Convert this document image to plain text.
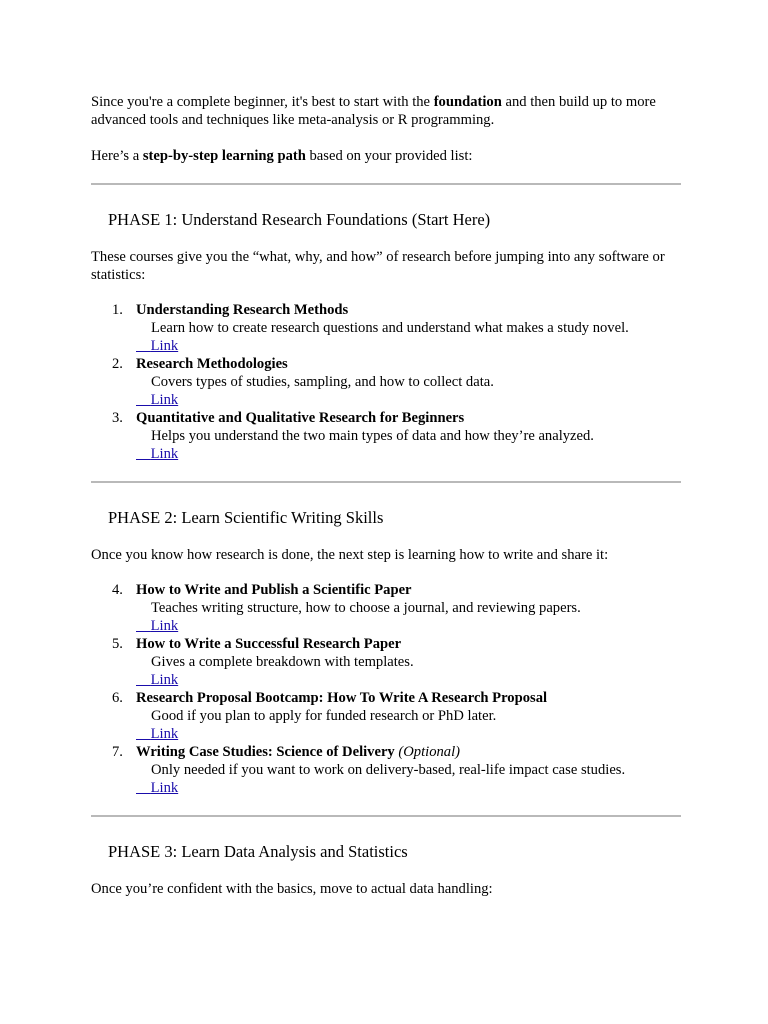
Since you're a complete beginner, it's best to start with the foundation and then build up to more advanced tools and techniques like meta-analysis or R programming.

Here’s a step-by-step learning path based on your provided list:

PHASE 1: Understand Research Foundations (Start Here)

These courses give you the “what, why, and how” of research before jumping into any software or statistics:

1. Understanding Research Methods
Learn how to create research questions and understand what makes a study novel.
Link
2. Research Methodologies
Covers types of studies, sampling, and how to collect data.
Link
3. Quantitative and Qualitative Research for Beginners
Helps you understand the two main types of data and how they’re analyzed.
Link
PHASE 2: Learn Scientific Writing Skills

Once you know how research is done, the next step is learning how to write and share it:

4. How to Write and Publish a Scientific Paper
Teaches writing structure, how to choose a journal, and reviewing papers.
Link
5. How to Write a Successful Research Paper
Gives a complete breakdown with templates.
Link
6. Research Proposal Bootcamp: How To Write A Research Proposal
Good if you plan to apply for funded research or PhD later.
Link
7. Writing Case Studies: Science of Delivery (Optional)
Only needed if you want to work on delivery-based, real-life impact case studies.
Link
PHASE 3: Learn Data Analysis and Statistics

Once you’re confident with the basics, move to actual data handling:
